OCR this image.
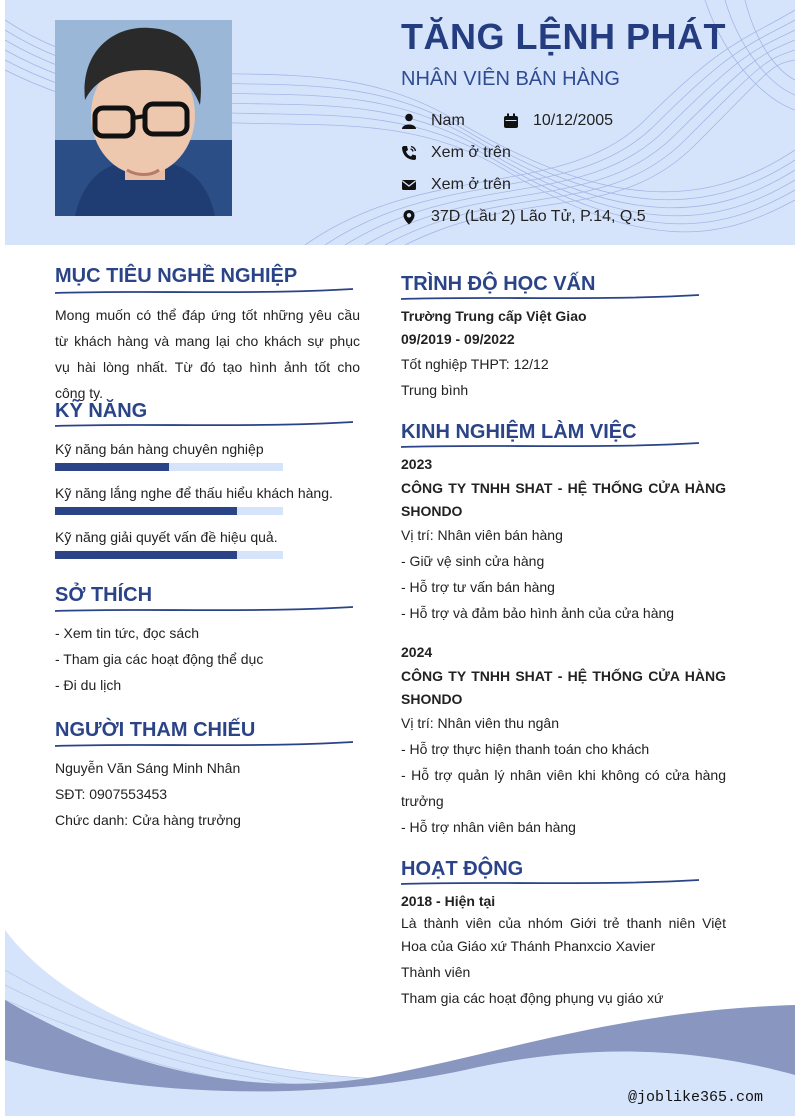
TĂNG LỆNH PHÁT
NHÂN VIÊN BÁN HÀNG
Nam	10/12/2005
Xem ở trên
Xem ở trên
37D (Lầu 2) Lão Tử, P.14, Q.5
MỤC TIÊU NGHỀ NGHIỆP
Mong muốn có thể đáp ứng tốt những yêu cầu từ khách hàng và mang lại cho khách sự phục vụ hài lòng nhất. Từ đó tạo hình ảnh tốt cho công ty.
KỸ NĂNG
Kỹ năng bán hàng chuyên nghiệp
Kỹ năng lắng nghe để thấu hiểu khách hàng.
Kỹ năng giải quyết vấn đề hiệu quả.
SỞ THÍCH
- Xem tin tức, đọc sách
- Tham gia các hoạt động thể dục
- Đi du lịch
NGƯỜI THAM CHIẾU
Nguyễn Văn Sáng Minh Nhân
SĐT: 0907553453
Chức danh: Cửa hàng trưởng
TRÌNH ĐỘ HỌC VẤN
Trường Trung cấp Việt Giao
09/2019 - 09/2022
Tốt nghiệp THPT: 12/12
Trung bình
KINH NGHIỆM LÀM VIỆC
2023
CÔNG TY TNHH SHAT - HỆ THỐNG CỬA HÀNG SHONDO
Vị trí: Nhân viên bán hàng
- Giữ vệ sinh cửa hàng
- Hỗ trợ tư vấn bán hàng
- Hỗ trợ và đảm bảo hình ảnh của cửa hàng
2024
CÔNG TY TNHH SHAT - HỆ THỐNG CỬA HÀNG SHONDO
Vị trí: Nhân viên thu ngân
- Hỗ trợ thực hiện thanh toán cho khách
- Hỗ trợ quản lý nhân viên khi không có cửa hàng trưởng
- Hỗ trợ nhân viên bán hàng
HOẠT ĐỘNG
2018 - Hiện tại
Là thành viên của nhóm Giới trẻ thanh niên Việt Hoa của Giáo xứ Thánh Phanxcio Xavier
Thành viên
Tham gia các hoạt động phụng vụ giáo xứ
@joblike365.com
